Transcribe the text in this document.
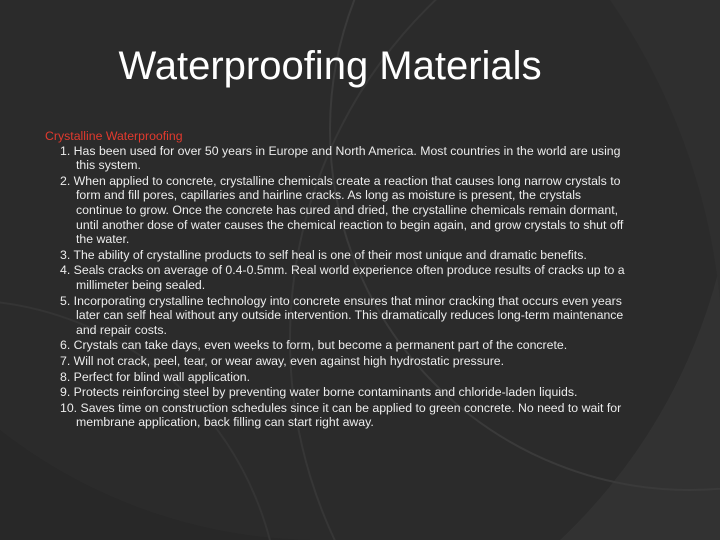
Waterproofing Materials

Crystalline Waterproofing

1. Has been used for over 50 years in Europe and North America. Most countries in the world are using this system.
2. When applied to concrete, crystalline chemicals create a reaction that causes long narrow crystals to form and fill pores, capillaries and hairline cracks. As long as moisture is present, the crystals continue to grow. Once the concrete has cured and dried, the crystalline chemicals remain dormant, until another dose of water causes the chemical reaction to begin again, and grow crystals to shut off the water.
3. The ability of crystalline products to self heal is one of their most unique and dramatic benefits.
4. Seals cracks on average of 0.4-0.5mm. Real world experience often produce results of cracks up to a millimeter being sealed.
5. Incorporating crystalline technology into concrete ensures that minor cracking that occurs even years later can self heal without any outside intervention. This dramatically reduces long-term maintenance and repair costs.
6. Crystals can take days, even weeks to form, but become a permanent part of the concrete.
7. Will not crack, peel, tear, or wear away, even against high hydrostatic pressure.
8. Perfect for blind wall application.
9. Protects reinforcing steel by preventing water borne contaminants and chloride-laden liquids.
10. Saves time on construction schedules since it can be applied to green concrete. No need to wait for membrane application, back filling can start right away.
